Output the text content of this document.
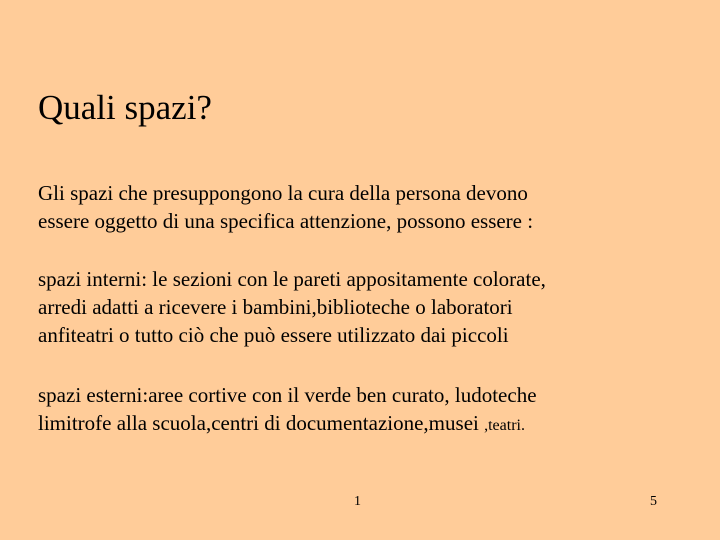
Quali spazi?
Gli spazi che presuppongono la cura della persona devono
essere oggetto di una specifica attenzione, possono essere :
spazi interni: le sezioni con le pareti appositamente colorate,
arredi adatti a ricevere i bambini,biblioteche o laboratori
anfiteatri o tutto ciò che può essere utilizzato dai piccoli
spazi esterni:aree cortive con il verde ben curato, ludoteche
limitrofe alla scuola,centri di documentazione,musei ,teatri.
1	5
